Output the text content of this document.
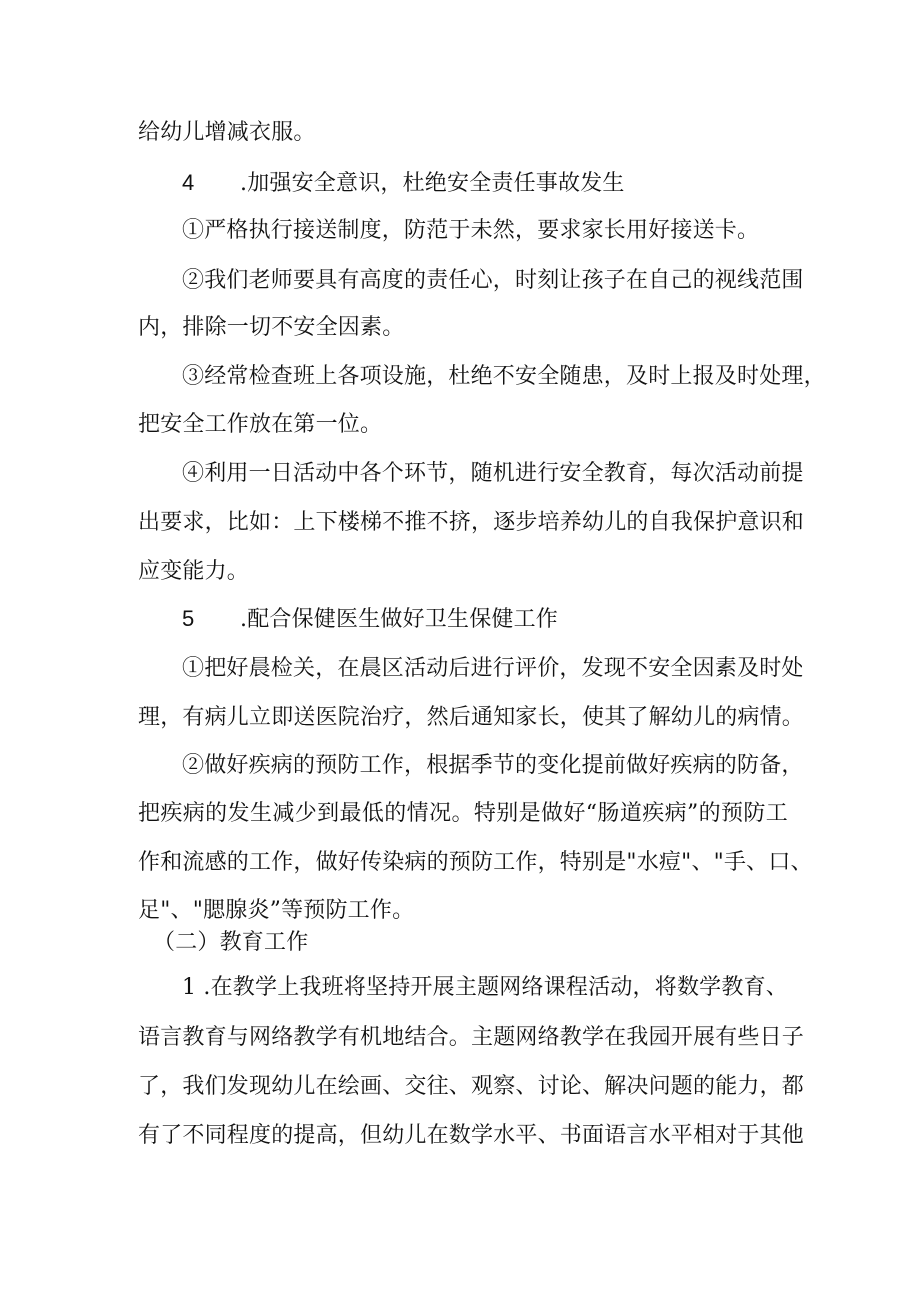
给幼儿增减衣服。
4 .加强安全意识，杜绝安全责任事故发生
①严格执行接送制度，防范于未然，要求家长用好接送卡。
②我们老师要具有高度的责任心，时刻让孩子在自己的视线范围
内，排除一切不安全因素。
③经常检查班上各项设施，杜绝不安全随患，及时上报及时处理，
把安全工作放在第一位。
④利用一日活动中各个环节，随机进行安全教育，每次活动前提
出要求，比如：上下楼梯不推不挤，逐步培养幼儿的自我保护意识和
应变能力。
5 .配合保健医生做好卫生保健工作
①把好晨检关，在晨区活动后进行评价，发现不安全因素及时处
理，有病儿立即送医院治疗，然后通知家长，使其了解幼儿的病情。
②做好疾病的预防工作，根据季节的变化提前做好疾病的防备，
把疾病的发生减少到最低的情况。特别是做好“肠道疾病”的预防工
作和流感的工作，做好传染病的预防工作，特别是"水痘"、"手、口、
足"、"腮腺炎”等预防工作。
（二）教育工作
1 .在教学上我班将坚持开展主题网络课程活动，将数学教育、
语言教育与网络教学有机地结合。主题网络教学在我园开展有些日子
了，我们发现幼儿在绘画、交往、观察、讨论、解决问题的能力，都
有了不同程度的提高，但幼儿在数学水平、书面语言水平相对于其他
